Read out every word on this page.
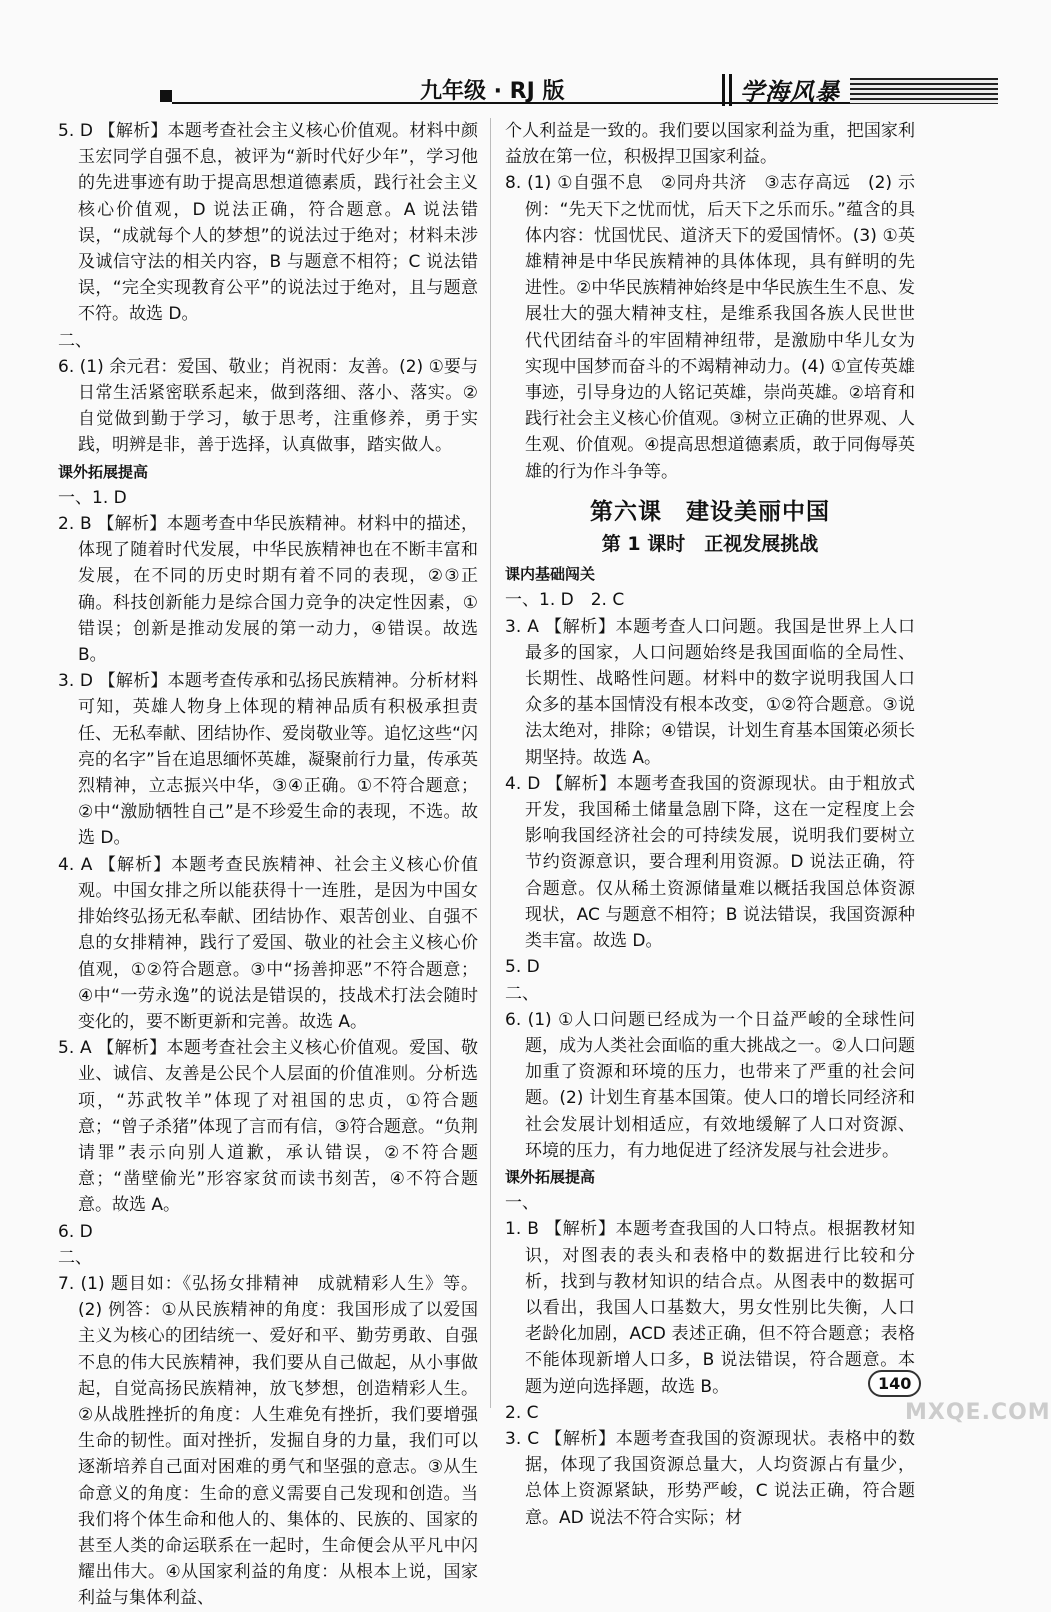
九年级 · RJ 版	学海风暴
5. D 【解析】本题考查社会主义核心价值观。材料中颜玉宏同学自强不息，被评为“新时代好少年”，学习他的先进事迹有助于提高思想道德素质，践行社会主义核心价值观，D 说法正确，符合题意。A 说法错误，“成就每个人的梦想”的说法过于绝对；材料未涉及诚信守法的相关内容，B 与题意不相符；C 说法错误，“完全实现教育公平”的说法过于绝对，且与题意不符。故选 D。
二、
6. (1) 余元君：爱国、敬业；肖祝雨：友善。(2) ①要与日常生活紧密联系起来，做到落细、落小、落实。②自觉做到勤于学习，敏于思考，注重修养，勇于实践，明辨是非，善于选择，认真做事，踏实做人。
课外拓展提高
一、1. D
2. B 【解析】本题考查中华民族精神。材料中的描述，体现了随着时代发展，中华民族精神也在不断丰富和发展，在不同的历史时期有着不同的表现，②③正确。科技创新能力是综合国力竞争的决定性因素，①错误；创新是推动发展的第一动力，④错误。故选 B。
3. D 【解析】本题考查传承和弘扬民族精神。分析材料可知，英雄人物身上体现的精神品质有积极承担责任、无私奉献、团结协作、爱岗敬业等。追忆这些“闪亮的名字”旨在追思缅怀英雄，凝聚前行力量，传承英烈精神，立志振兴中华，③④正确。①不符合题意；②中“激励牺牲自己”是不珍爱生命的表现，不选。故选 D。
4. A 【解析】本题考查民族精神、社会主义核心价值观。中国女排之所以能获得十一连胜，是因为中国女排始终弘扬无私奉献、团结协作、艰苦创业、自强不息的女排精神，践行了爱国、敬业的社会主义核心价值观，①②符合题意。③中“扬善抑恶”不符合题意；④中“一劳永逸”的说法是错误的，技战术打法会随时变化的，要不断更新和完善。故选 A。
5. A 【解析】本题考查社会主义核心价值观。爱国、敬业、诚信、友善是公民个人层面的价值准则。分析选项，“苏武牧羊”体现了对祖国的忠贞，①符合题意；“曾子杀猪”体现了言而有信，③符合题意。“负荆请罪”表示向别人道歉，承认错误，②不符合题意；“凿壁偷光”形容家贫而读书刻苦，④不符合题意。故选 A。
6. D
二、
7. (1) 题目如：《弘扬女排精神　成就精彩人生》等。(2) 例答：①从民族精神的角度：我国形成了以爱国主义为核心的团结统一、爱好和平、勤劳勇敢、自强不息的伟大民族精神，我们要从自己做起，从小事做起，自觉高扬民族精神，放飞梦想，创造精彩人生。②从战胜挫折的角度：人生难免有挫折，我们要增强生命的韧性。面对挫折，发掘自身的力量，我们可以逐渐培养自己面对困难的勇气和坚强的意志。③从生命意义的角度：生命的意义需要自己发现和创造。当我们将个体生命和他人的、集体的、民族的、国家的甚至人类的命运联系在一起时，生命便会从平凡中闪耀出伟大。④从国家利益的角度：从根本上说，国家利益与集体利益、
个人利益是一致的。我们要以国家利益为重，把国家利益放在第一位，积极捍卫国家利益。
8. (1) ①自强不息　②同舟共济　③志存高远　(2) 示例：“先天下之忧而忧，后天下之乐而乐。”蕴含的具体内容：忧国忧民、道济天下的爱国情怀。(3) ①英雄精神是中华民族精神的具体体现，具有鲜明的先进性。②中华民族精神始终是中华民族生生不息、发展壮大的强大精神支柱，是维系我国各族人民世世代代团结奋斗的牢固精神纽带，是激励中华儿女为实现中国梦而奋斗的不竭精神动力。(4) ①宣传英雄事迹，引导身边的人铭记英雄，崇尚英雄。②培育和践行社会主义核心价值观。③树立正确的世界观、人生观、价值观。④提高思想道德素质，敢于同侮辱英雄的行为作斗争等。
第六课　建设美丽中国
第 1 课时　正视发展挑战
课内基础闯关
一、1. D　2. C
3. A 【解析】本题考查人口问题。我国是世界上人口最多的国家，人口问题始终是我国面临的全局性、长期性、战略性问题。材料中的数字说明我国人口众多的基本国情没有根本改变，①②符合题意。③说法太绝对，排除；④错误，计划生育基本国策必须长期坚持。故选 A。
4. D 【解析】本题考查我国的资源现状。由于粗放式开发，我国稀土储量急剧下降，这在一定程度上会影响我国经济社会的可持续发展，说明我们要树立节约资源意识，要合理利用资源。D 说法正确，符合题意。仅从稀土资源储量难以概括我国总体资源现状，AC 与题意不相符；B 说法错误，我国资源种类丰富。故选 D。
5. D
二、
6. (1) ①人口问题已经成为一个日益严峻的全球性问题，成为人类社会面临的重大挑战之一。②人口问题加重了资源和环境的压力，也带来了严重的社会问题。(2) 计划生育基本国策。使人口的增长同经济和社会发展计划相适应，有效地缓解了人口对资源、环境的压力，有力地促进了经济发展与社会进步。
课外拓展提高
一、
1. B 【解析】本题考查我国的人口特点。根据教材知识，对图表的表头和表格中的数据进行比较和分析，找到与教材知识的结合点。从图表中的数据可以看出，我国人口基数大，男女性别比失衡，人口老龄化加剧，ACD 表述正确，但不符合题意；表格不能体现新增人口多，B 说法错误，符合题意。本题为逆向选择题，故选 B。
2. C
3. C 【解析】本题考查我国的资源现状。表格中的数据，体现了我国资源总量大，人均资源占有量少，总体上资源紧缺，形势严峻，C 说法正确，符合题意。AD 说法不符合实际；材
140
MXQE.COM
